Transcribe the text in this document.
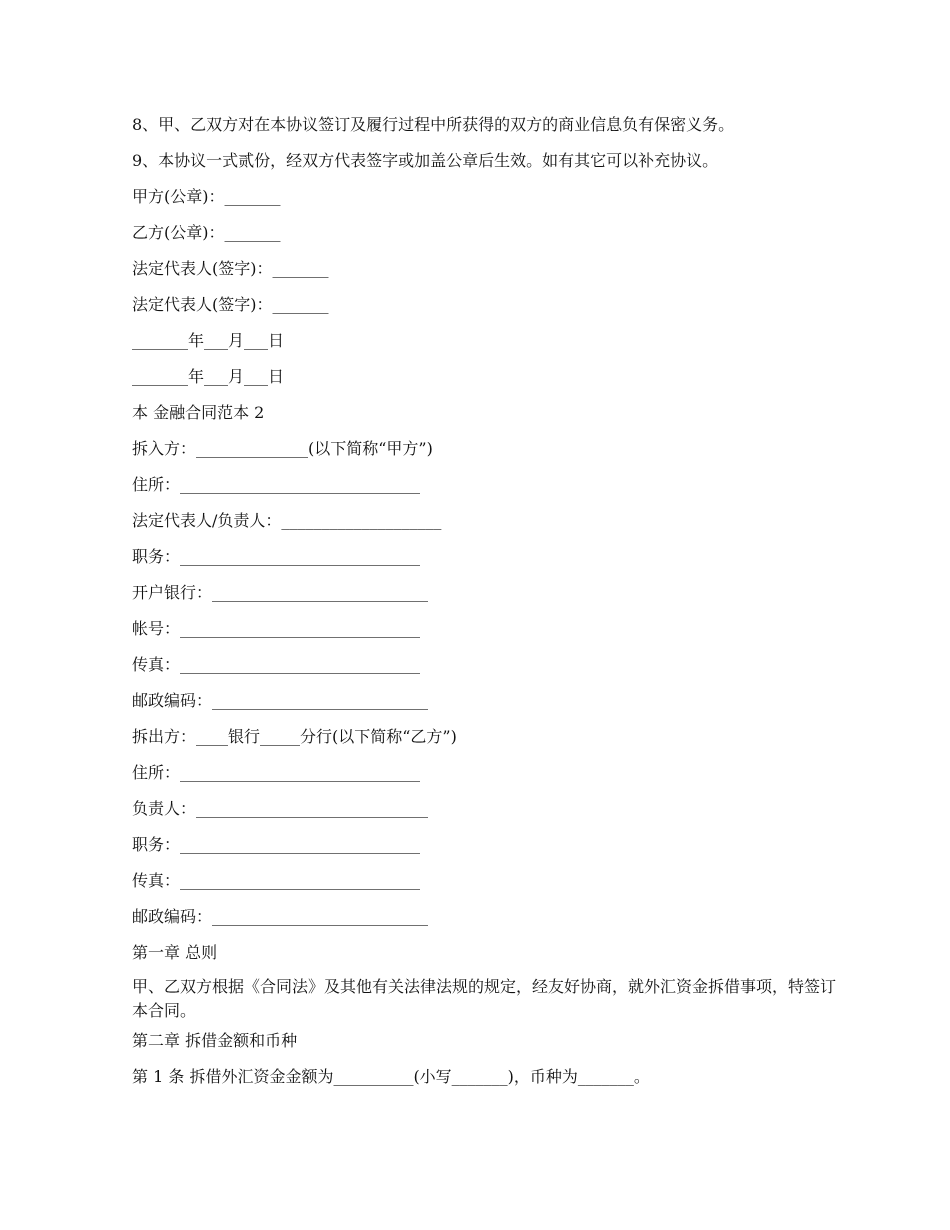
8、甲、乙双方对在本协议签订及履行过程中所获得的双方的商业信息负有保密义务。
9、本协议一式贰份，经双方代表签字或加盖公章后生效。如有其它可以补充协议。
甲方(公章)：_______
乙方(公章)：_______
法定代表人(签字)：_______
法定代表人(签字)：_______
_______年___月___日
_______年___月___日
本 金融合同范本 2
拆入方：______________(以下简称“甲方”)
住所：______________________________
法定代表人/负责人：____________________
职务：______________________________
开户银行：___________________________
帐号：______________________________
传真：______________________________
邮政编码：___________________________
拆出方：____银行_____分行(以下简称“乙方”)
住所：______________________________
负责人：_____________________________
职务：______________________________
传真：______________________________
邮政编码：___________________________
第一章 总则
甲、乙双方根据《合同法》及其他有关法律法规的规定，经友好协商，就外汇资金拆借事项，特签订本合同。
第二章 拆借金额和币种
第 1 条 拆借外汇资金金额为__________(小写_______)，币种为_______。
